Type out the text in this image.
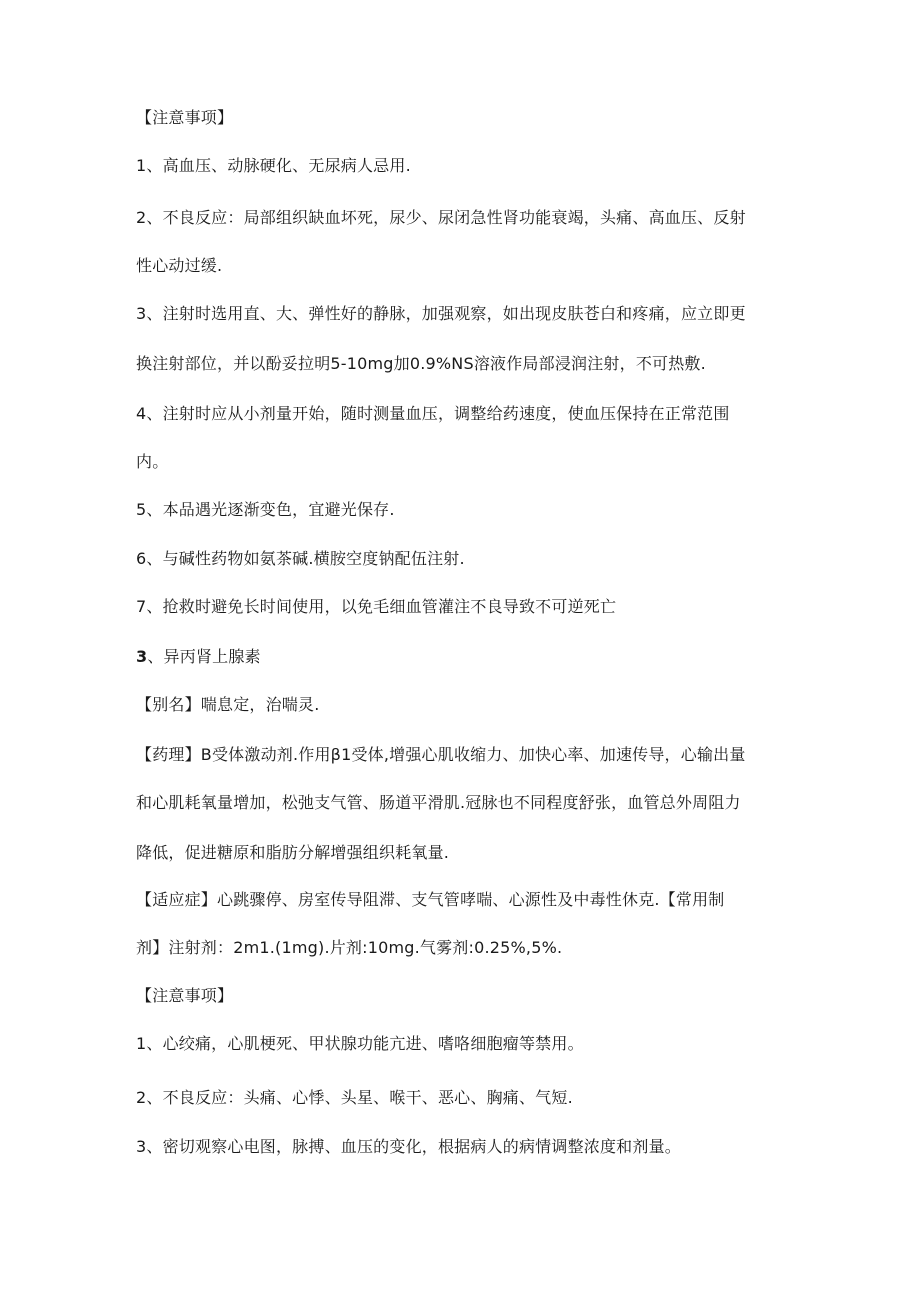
【注意事项】
1、高血压、动脉硬化、无尿病人忌用.
2、不良反应：局部组织缺血坏死，尿少、尿闭急性肾功能衰竭，头痛、高血压、反射
性心动过缓.
3、注射时选用直、大、弹性好的静脉，加强观察，如出现皮肤苍白和疼痛，应立即更
换注射部位，并以酚妥拉明5-10mg加0.9%NS溶液作局部浸润注射，不可热敷.
4、注射时应从小剂量开始，随时测量血压，调整给药速度，使血压保持在正常范围
内。
5、本品遇光逐渐变色，宜避光保存.
6、与碱性药物如氨茶碱.横胺空度钠配伍注射.
7、抢救时避免长时间使用，以免毛细血管灌注不良导致不可逆死亡
3、异丙肾上腺素
【别名】喘息定，治喘灵.
【药理】B受体激动剂.作用β1受体,增强心肌收缩力、加快心率、加速传导，心输出量
和心肌耗氧量增加，松弛支气管、肠道平滑肌.冠脉也不同程度舒张，血管总外周阻力
降低，促进糖原和脂肪分解增强组织耗氧量.
【适应症】心跳骤停、房室传导阻滞、支气管哮喘、心源性及中毒性休克.【常用制
剂】注射剂：2m1.(1mg).片剂:10mg.气雾剂:0.25%,5%.
【注意事项】
1、心绞痛，心肌梗死、甲状腺功能亢进、嗜咯细胞瘤等禁用。
2、不良反应：头痛、心悸、头星、喉干、恶心、胸痛、气短.
3、密切观察心电图，脉搏、血压的变化，根据病人的病情调整浓度和剂量。
